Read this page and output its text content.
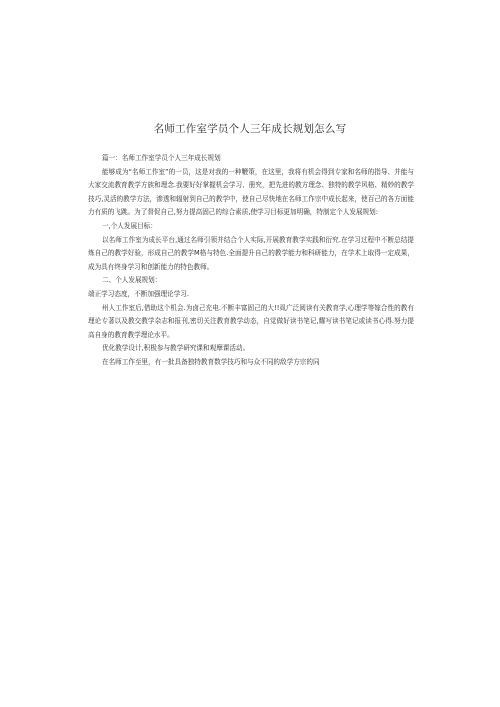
名师工作室学员个人三年成长规划怎么写

篇一：名师工作室学员个人三年成长规划

能够成为“名师工作室”的一员，这是对我的一种鞭策，在这里，我将有机会得到专家和名师的指导、并能与大家交流教育教学方族和理念.我要好好掌握机会学习、册究，把先进的教方理念、独特的教学风格、精妙的教学技巧,灵活的教学方法，渗透和辐射到自己的教学中，使自己尽快地在名师工作宗中成长起来，使百己的各方面能力有质的飞跳。为了督促自己,努力提高固己的综合素质,使学习目标更加明确，特制定个人发展规划:

一,个人发展目标：

以名师工作室为成长平台,通过名师引领并结合个人实际,开展教育教学实践和衍究.在学习过程中不断总结提炼自己的教学好验，形成自己的教学M格与特色.全面提升自己的教学能力和科研能力，在学术上取得一定成果，成为具有终身学习和创新能力的特色教师。

二、个人发展规划：

端正学习态度，不断加强理论学习.

州人工作室后,借助这个机会.为卤己充电.不断丰富固己的大!!虱广泛阅读有关教育学,心理学等嫁合性的教有理论专著以及教交教学杂志和报刊,密切关注教育教学动态，自觉做好读书笔记,耀写读书笔记或读书心得.努力提高自身的教育教学理论水平。

优化教学设计,积极参与教学研究课和观摩课活动。

在名师工作至里，有一批具备独特教育数学技巧和与众不同的敌学方宗的同
